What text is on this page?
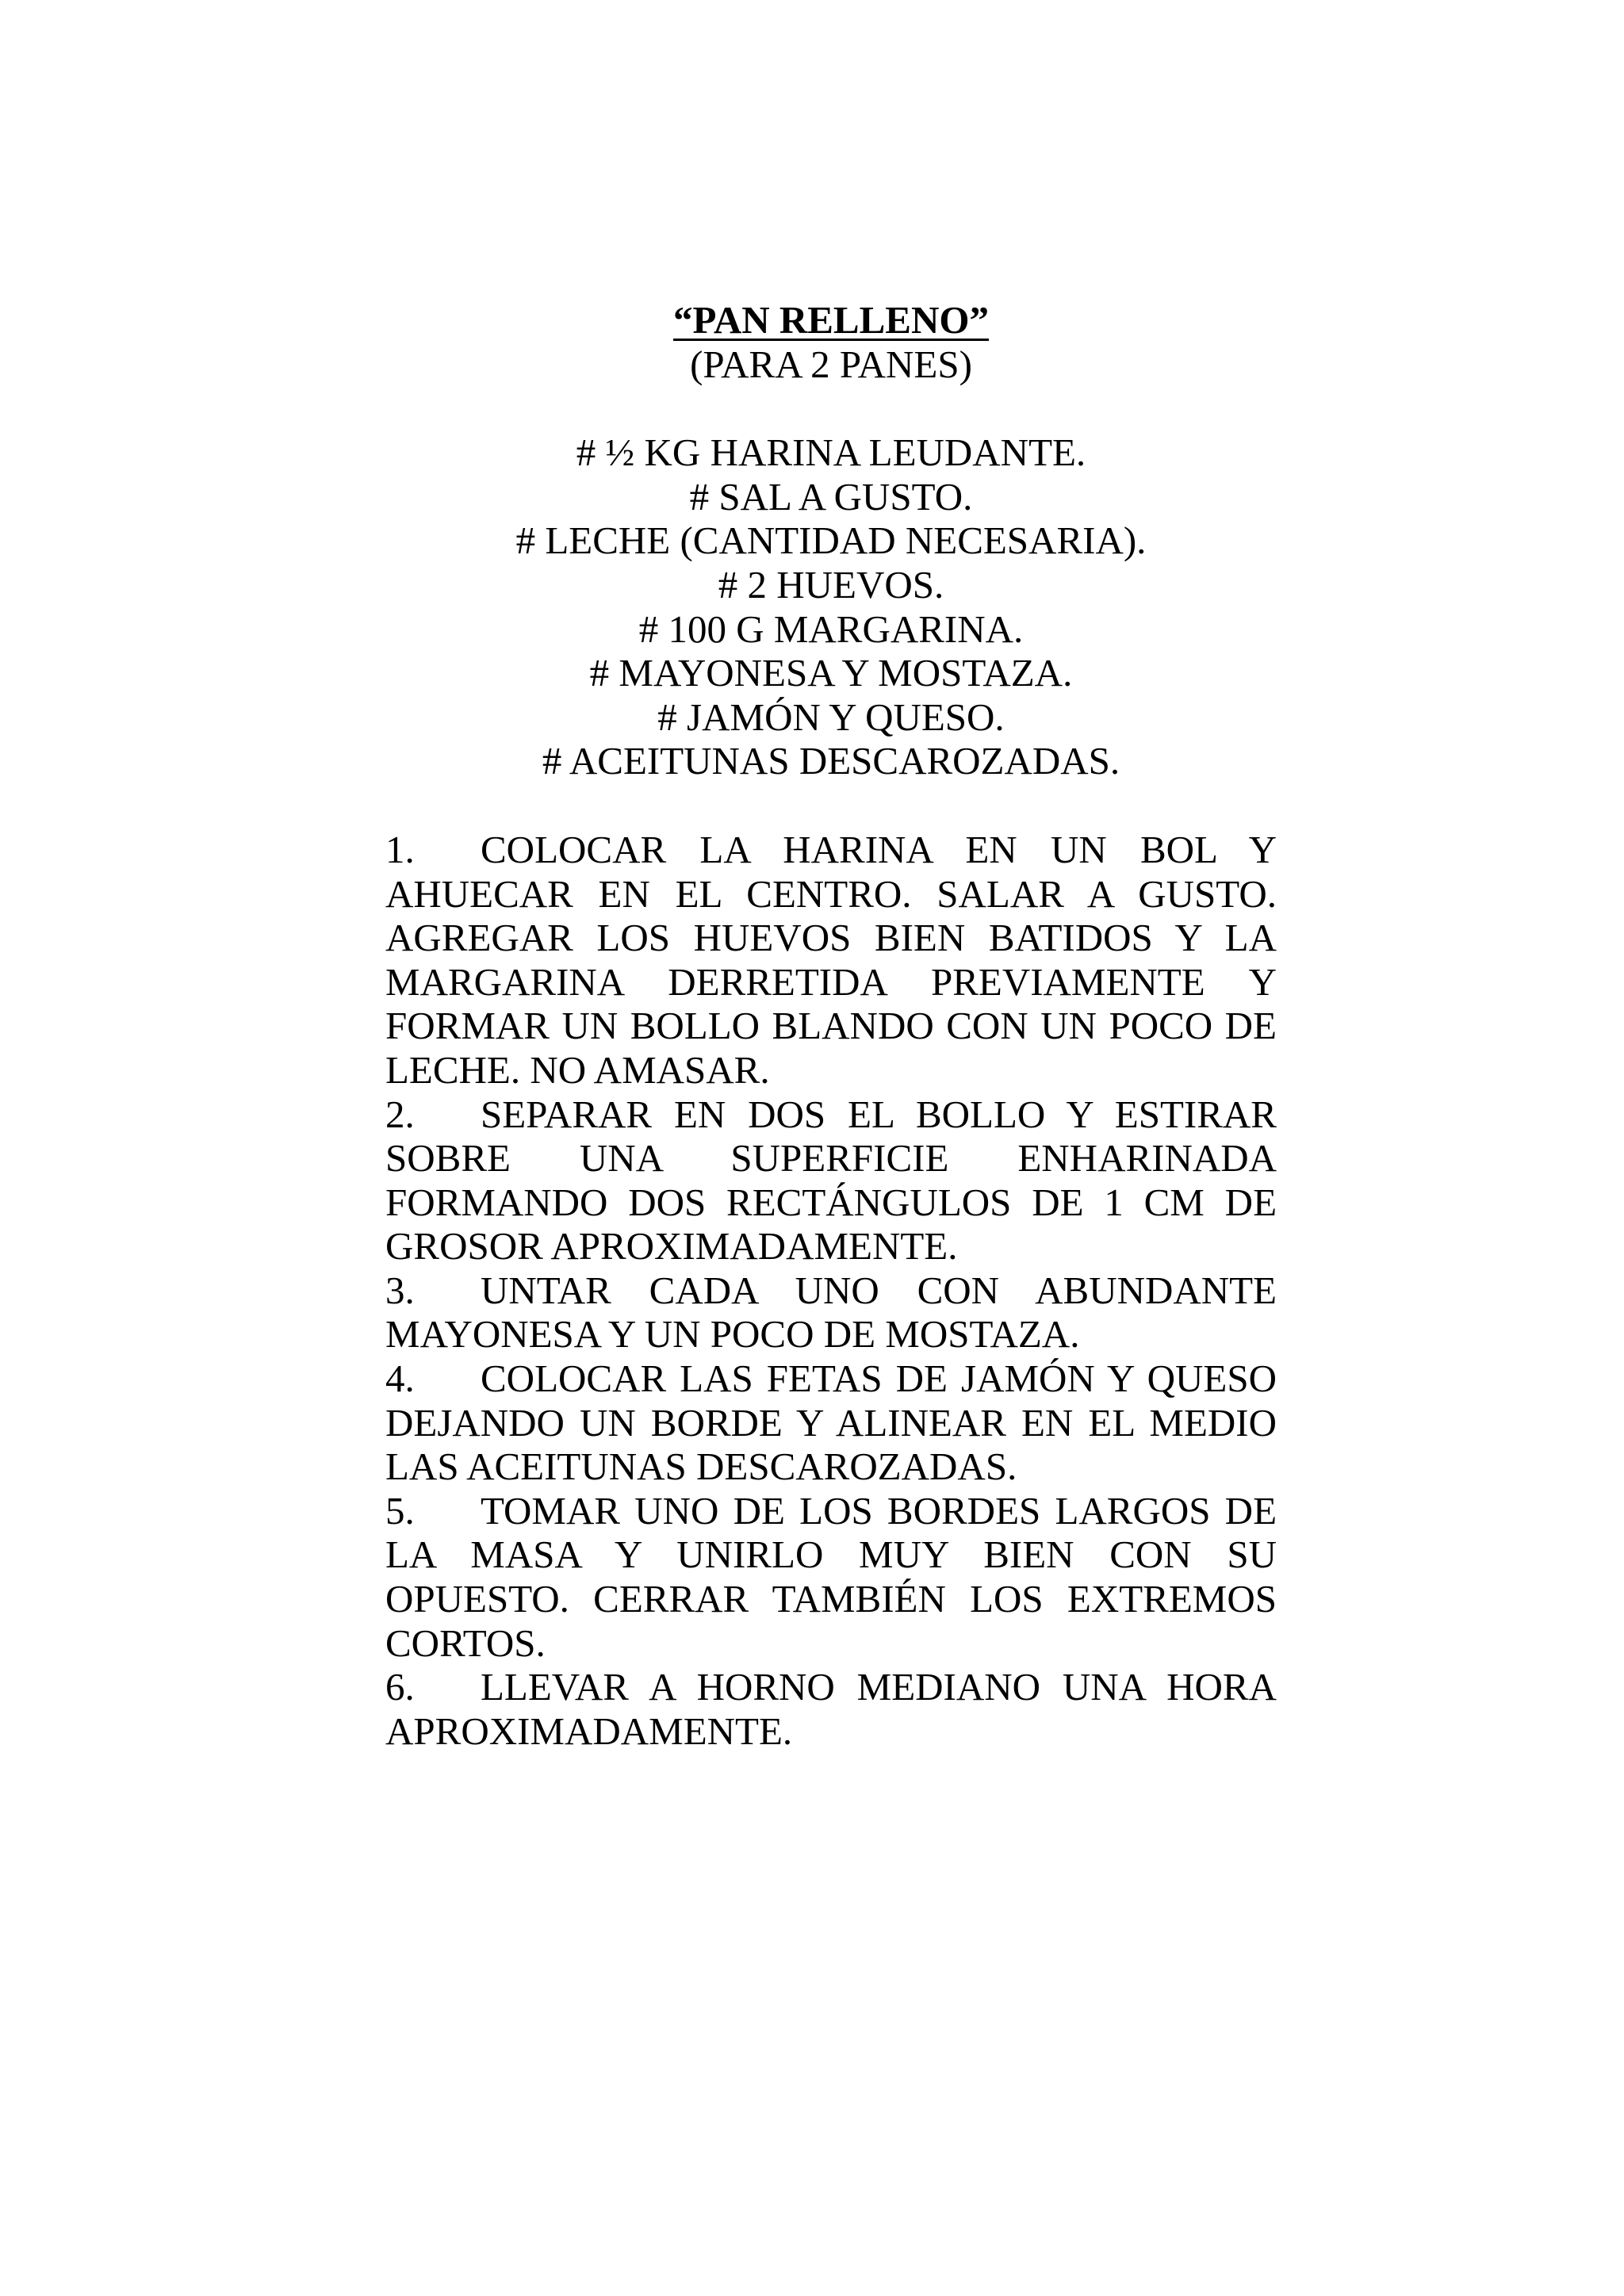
“PAN RELLENO”
(PARA 2 PANES)
# ½ KG HARINA LEUDANTE.
# SAL A GUSTO.
# LECHE (CANTIDAD NECESARIA).
# 2 HUEVOS.
# 100 G MARGARINA.
# MAYONESA Y MOSTAZA.
# JAMÓN Y QUESO.
# ACEITUNAS DESCAROZADAS.

1. COLOCAR LA HARINA EN UN BOL Y AHUECAR EN EL CENTRO. SALAR A GUSTO. AGREGAR LOS HUEVOS BIEN BATIDOS Y LA MARGARINA DERRETIDA PREVIAMENTE Y FORMAR UN BOLLO BLANDO CON UN POCO DE LECHE. NO AMASAR.

2. SEPARAR EN DOS EL BOLLO Y ESTIRAR SOBRE UNA SUPERFICIE ENHARINADA FORMANDO DOS RECTÁNGULOS DE 1 CM DE GROSOR APROXIMADAMENTE.

3. UNTAR CADA UNO CON ABUNDANTE MAYONESA Y UN POCO DE MOSTAZA.

4. COLOCAR LAS FETAS DE JAMÓN Y QUESO DEJANDO UN BORDE Y ALINEAR EN EL MEDIO LAS ACEITUNAS DESCAROZADAS.

5. TOMAR UNO DE LOS BORDES LARGOS DE LA MASA Y UNIRLO MUY BIEN CON SU OPUESTO. CERRAR TAMBIÉN LOS EXTREMOS CORTOS.

6. LLEVAR A HORNO MEDIANO UNA HORA APROXIMADAMENTE.
